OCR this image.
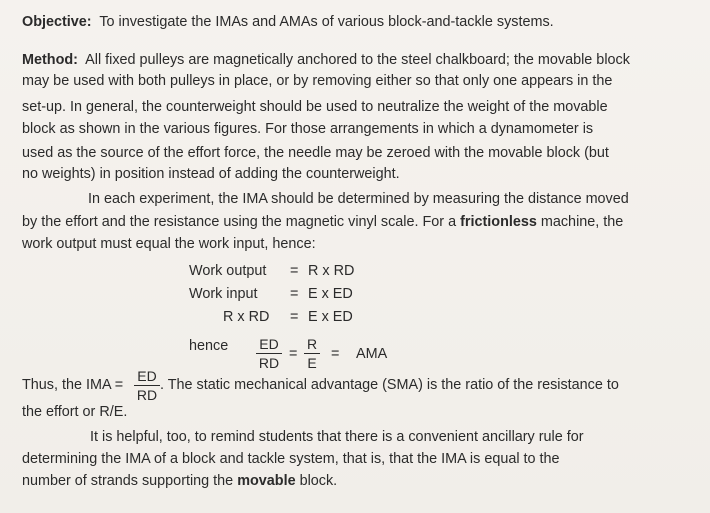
Objective: To investigate the IMAs and AMAs of various block-and-tackle systems.
Method: All fixed pulleys are magnetically anchored to the steel chalkboard; the movable block
may be used with both pulleys in place, or by removing either so that only one appears in the
set-up. In general, the counterweight should be used to neutralize the weight of the movable
block as shown in the various figures. For those arrangements in which a dynamometer is
used as the source of the effort force, the needle may be zeroed with the movable block (but
no weights) in position instead of adding the counterweight.
In each experiment, the IMA should be determined by measuring the distance moved
by the effort and the resistance using the magnetic vinyl scale. For a frictionless machine, the
work output must equal the work input, hence:
Work output = R x RD
Work input = E x ED
R x RD = E x ED
hence ED
RD
=
R
E
= AMA
Thus, the IMA =
ED
RD
. The static mechanical advantage (SMA) is the ratio of the resistance to
the effort or R/E.
It is helpful, too, to remind students that there is a convenient ancillary rule for
determining the IMA of a block and tackle system, that is, that the IMA is equal to the
number of strands supporting the movable block.
